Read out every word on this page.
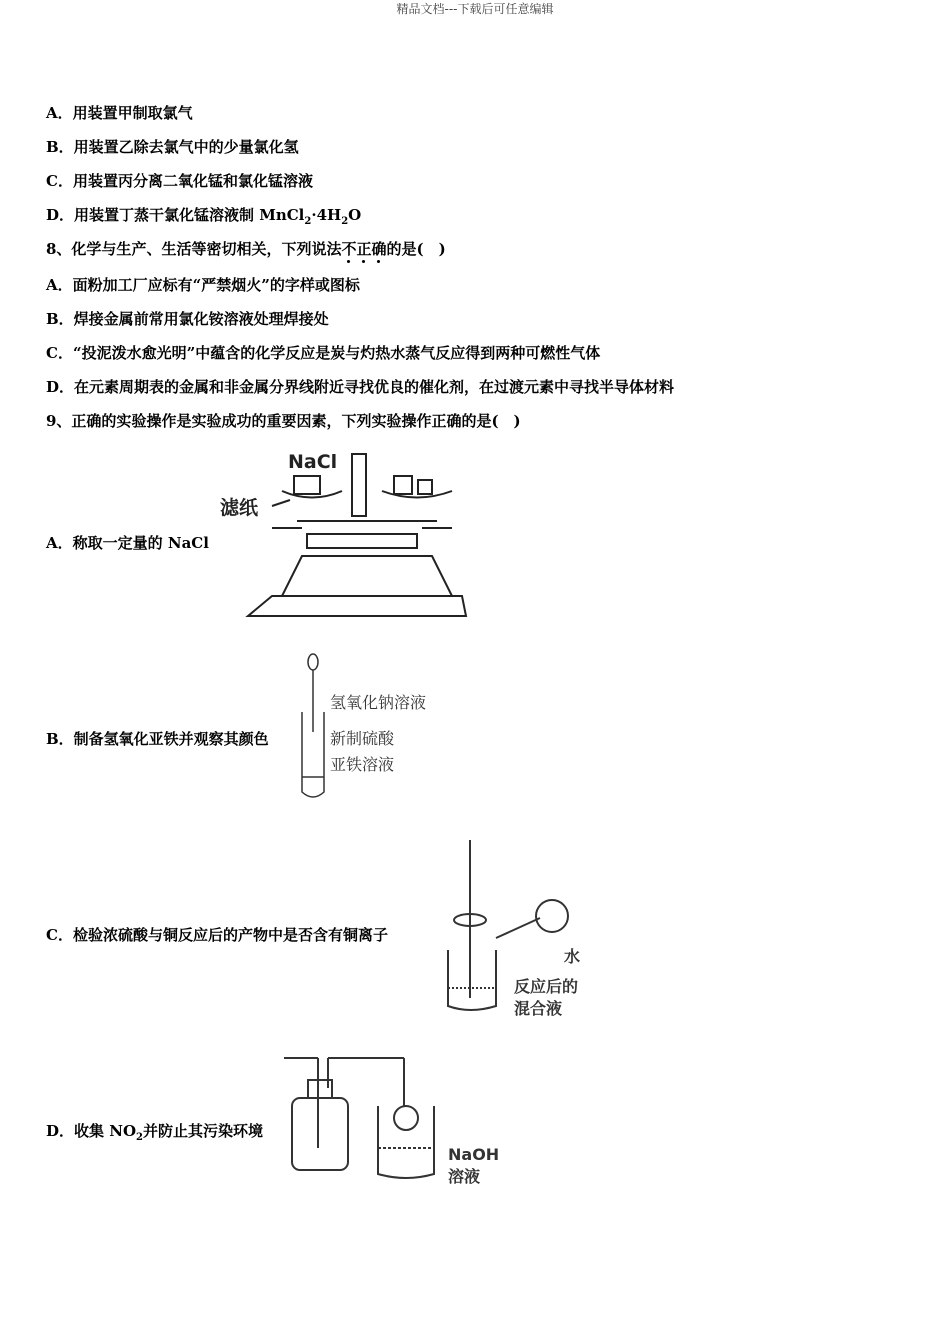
精品文档---下载后可任意编辑
A．用装置甲制取氯气
B．用装置乙除去氯气中的少量氯化氢
C．用装置丙分离二氧化锰和氯化锰溶液
D．用装置丁蒸干氯化锰溶液制 $MnCl_2\cdot 4H_2O$
8、化学与生产、生活等密切相关，下列说法不正确的是(　)
A．面粉加工厂应标有“严禁烟火”的字样或图标
B．焊接金属前常用氯化铵溶液处理焊接处
C．“投泥泼水愈光明”中蕴含的化学反应是炭与灼热水蒸气反应得到两种可燃性气体
D．在元素周期表的金属和非金属分界线附近寻找优良的催化剂，在过渡元素中寻找半导体材料
9、正确的实验操作是实验成功的重要因素，下列实验操作正确的是(　)
A．称取一定量的 NaCl
B．制备氢氧化亚铁并观察其颜色
C．检验浓硫酸与铜反应后的产物中是否含有铜离子
D．收集 $NO_2$并防止其污染环境
NaCl
滤纸
氢氧化钠溶液
新制硫酸
亚铁溶液
水
反应后的
混合液
NaOH
溶液
